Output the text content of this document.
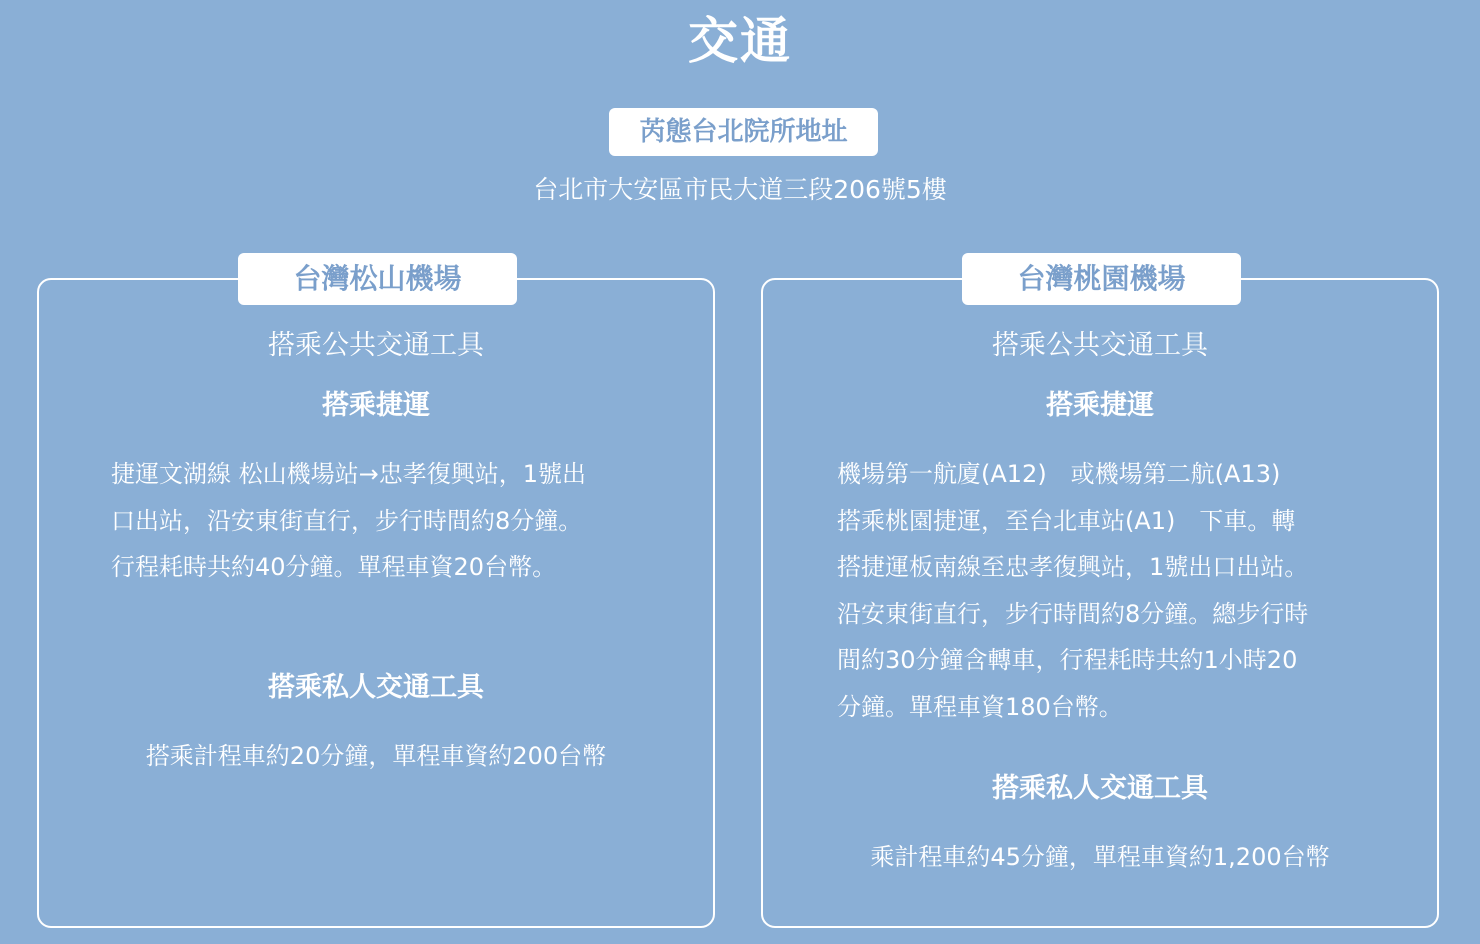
交通
芮態台北院所地址
台北市大安區市民大道三段206號5樓
台灣松山機場
搭乘公共交通工具
搭乘捷運
捷運文湖線 松山機場站→忠孝復興站，1號出
口出站，沿安東街直行，步行時間約8分鐘。
行程耗時共約40分鐘。單程車資20台幣。
搭乘私人交通工具
搭乘計程車約20分鐘，單程車資約200台幣
台灣桃園機場
搭乘公共交通工具
搭乘捷運
機場第一航廈(A12)　或機場第二航(A13)
搭乘桃園捷運，至台北車站(A1)　下車。轉
搭捷運板南線至忠孝復興站，1號出口出站。
沿安東街直行，步行時間約8分鐘。總步行時
間約30分鐘含轉車，行程耗時共約1小時20
分鐘。單程車資180台幣。
搭乘私人交通工具
乘計程車約45分鐘，單程車資約1,200台幣
